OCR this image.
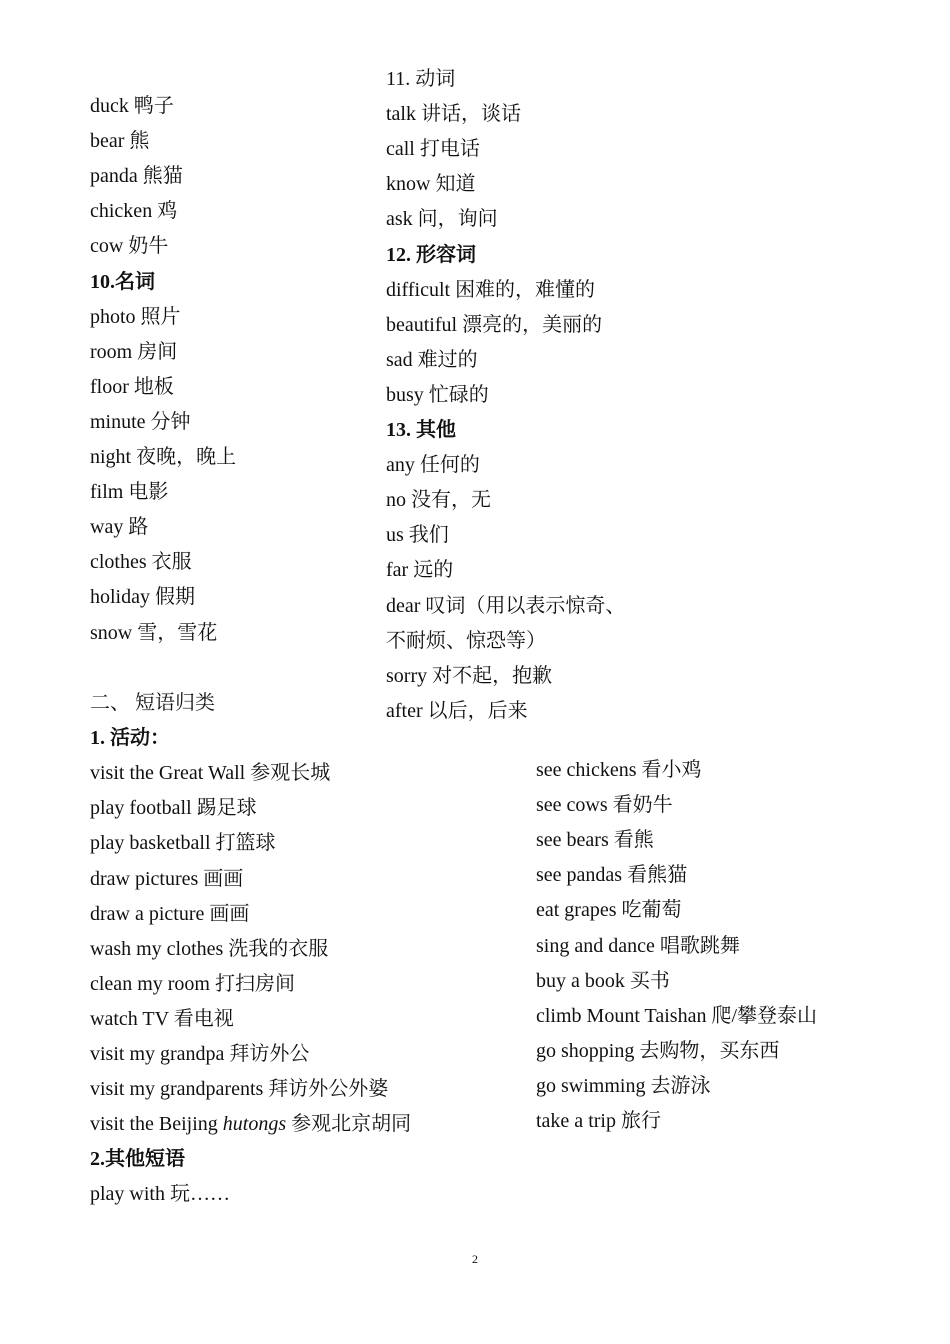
duck 鸭子
bear 熊
panda 熊猫
chicken 鸡
cow 奶牛
10.名词
photo 照片
room 房间
floor 地板
minute 分钟
night 夜晚，晚上
film 电影
way 路
clothes 衣服
holiday 假期
snow 雪，雪花
11. 动词
talk 讲话，谈话
call 打电话
know 知道
ask 问，询问
12. 形容词
difficult 困难的，难懂的
beautiful 漂亮的，美丽的
sad 难过的
busy 忙碌的
13. 其他
any 任何的
no 没有，无
us 我们
far 远的
dear 叹词（用以表示惊奇、
不耐烦、惊恐等）
sorry 对不起，抱歉
after 以后，后来
二、 短语归类
1. 活动：
visit the Great Wall 参观长城
play football 踢足球
play basketball 打篮球
draw pictures 画画
draw a picture 画画
wash my clothes 洗我的衣服
clean my room 打扫房间
watch TV 看电视
visit my grandpa 拜访外公
visit my grandparents 拜访外公外婆
visit the Beijing hutongs 参观北京胡同
2.其他短语
play with 玩……
see chickens 看小鸡
see cows 看奶牛
see bears 看熊
see pandas 看熊猫
eat grapes 吃葡萄
sing and dance 唱歌跳舞
buy a book 买书
climb Mount Taishan 爬/攀登泰山
go shopping 去购物，买东西
go swimming 去游泳
take a trip 旅行
2
